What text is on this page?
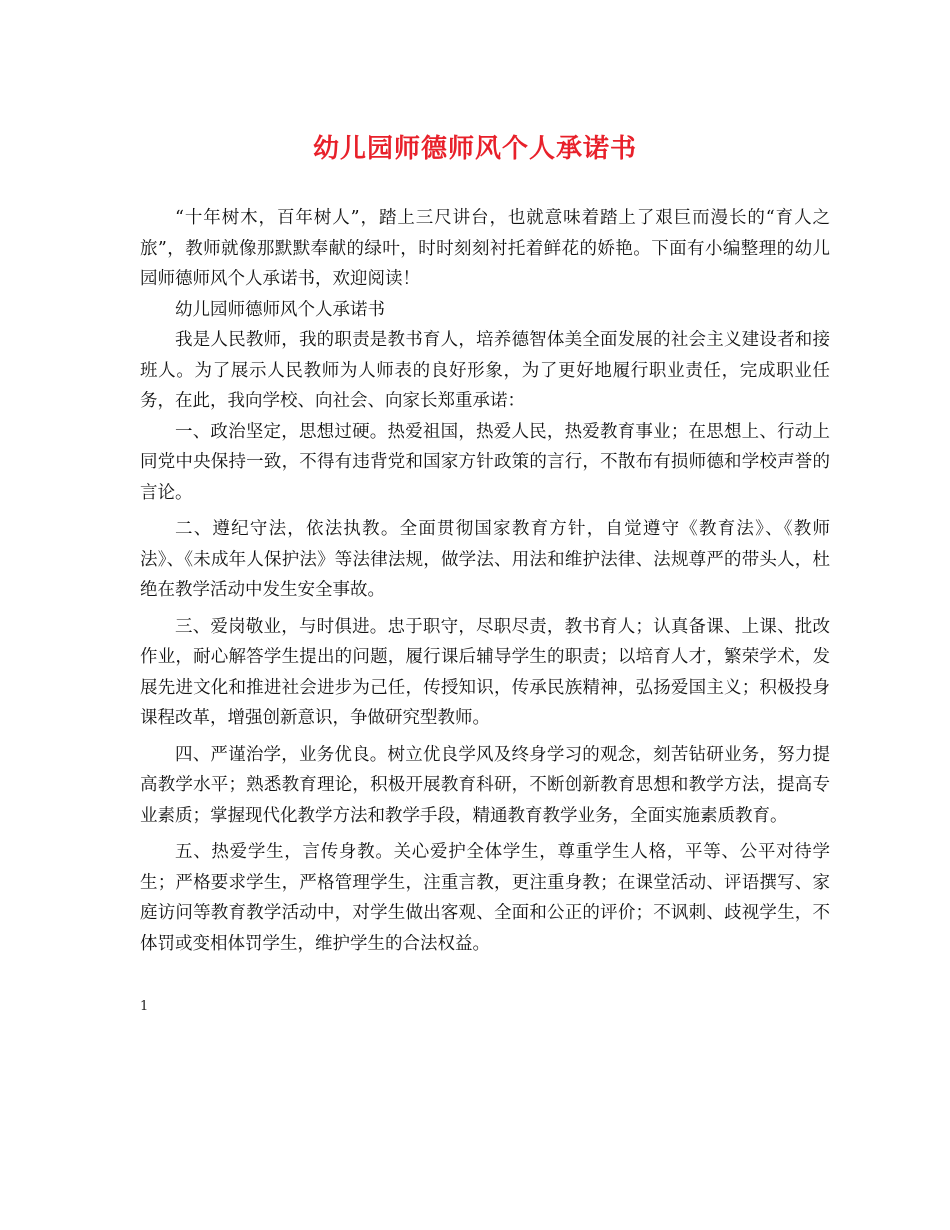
幼儿园师德师风个人承诺书

“十年树木，百年树人”，踏上三尺讲台，也就意味着踏上了艰巨而漫长的“育人之旅”，教师就像那默默奉献的绿叶，时时刻刻衬托着鲜花的娇艳。下面有小编整理的幼儿园师德师风个人承诺书，欢迎阅读！

幼儿园师德师风个人承诺书

我是人民教师，我的职责是教书育人，培养德智体美全面发展的社会主义建设者和接班人。为了展示人民教师为人师表的良好形象，为了更好地履行职业责任，完成职业任务，在此，我向学校、向社会、向家长郑重承诺：

一、政治坚定，思想过硬。热爱祖国，热爱人民，热爱教育事业；在思想上、行动上同党中央保持一致，不得有违背党和国家方针政策的言行，不散布有损师德和学校声誉的言论。

二、遵纪守法，依法执教。全面贯彻国家教育方针，自觉遵守《教育法》、《教师法》、《未成年人保护法》等法律法规，做学法、用法和维护法律、法规尊严的带头人，杜绝在教学活动中发生安全事故。

三、爱岗敬业，与时俱进。忠于职守，尽职尽责，教书育人；认真备课、上课、批改作业，耐心解答学生提出的问题，履行课后辅导学生的职责；以培育人才，繁荣学术，发展先进文化和推进社会进步为己任，传授知识，传承民族精神，弘扬爱国主义；积极投身课程改革，增强创新意识，争做研究型教师。

四、严谨治学，业务优良。树立优良学风及终身学习的观念，刻苦钻研业务，努力提高教学水平；熟悉教育理论，积极开展教育科研，不断创新教育思想和教学方法，提高专业素质；掌握现代化教学方法和教学手段，精通教育教学业务，全面实施素质教育。

五、热爱学生，言传身教。关心爱护全体学生，尊重学生人格，平等、公平对待学生；严格要求学生，严格管理学生，注重言教，更注重身教；在课堂活动、评语撰写、家庭访问等教育教学活动中，对学生做出客观、全面和公正的评价；不讽刺、歧视学生，不体罚或变相体罚学生，维护学生的合法权益。

1
